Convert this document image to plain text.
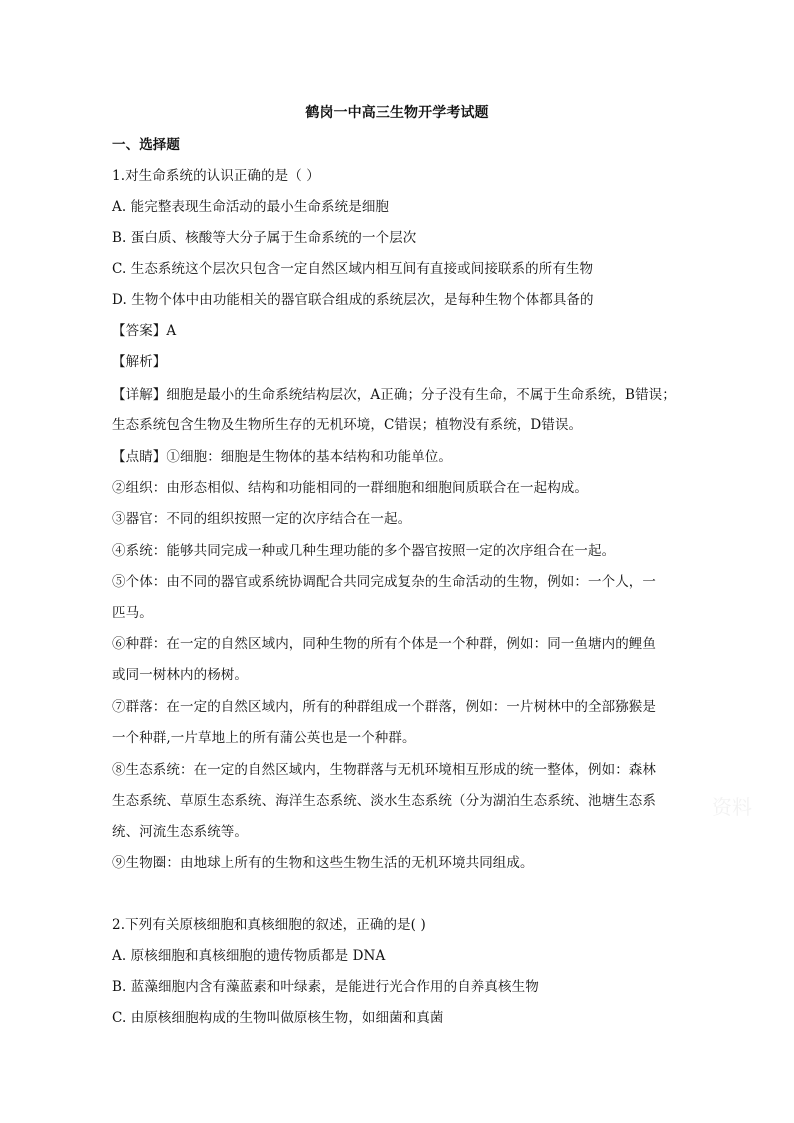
鹤岗一中高三生物开学考试题
一、选择题
1.对生命系统的认识正确的是（ ）
A. 能完整表现生命活动的最小生命系统是细胞
B. 蛋白质、核酸等大分子属于生命系统的一个层次
C. 生态系统这个层次只包含一定自然区域内相互间有直接或间接联系的所有生物
D. 生物个体中由功能相关的器官联合组成的系统层次，是每种生物个体都具备的
【答案】A
【解析】
【详解】细胞是最小的生命系统结构层次，A正确；分子没有生命，不属于生命系统，B错误；
生态系统包含生物及生物所生存的无机环境，C错误；植物没有系统，D错误。
【点睛】①细胞：细胞是生物体的基本结构和功能单位。
②组织：由形态相似、结构和功能相同的一群细胞和细胞间质联合在一起构成。
③器官：不同的组织按照一定的次序结合在一起。
④系统：能够共同完成一种或几种生理功能的多个器官按照一定的次序组合在一起。
⑤个体：由不同的器官或系统协调配合共同完成复杂的生命活动的生物，例如：一个人，一
匹马。
⑥种群：在一定的自然区域内，同种生物的所有个体是一个种群，例如：同一鱼塘内的鲤鱼
或同一树林内的杨树。
⑦群落：在一定的自然区域内，所有的种群组成一个群落，例如：一片树林中的全部猕猴是
一个种群,一片草地上的所有蒲公英也是一个种群。
⑧生态系统：在一定的自然区域内，生物群落与无机环境相互形成的统一整体，例如：森林
生态系统、草原生态系统、海洋生态系统、淡水生态系统（分为湖泊生态系统、池塘生态系
统、河流生态系统等。
⑨生物圈：由地球上所有的生物和这些生物生活的无机环境共同组成。
2.下列有关原核细胞和真核细胞的叙述，正确的是( )
A. 原核细胞和真核细胞的遗传物质都是 DNA
B. 蓝藻细胞内含有藻蓝素和叶绿素，是能进行光合作用的自养真核生物
C. 由原核细胞构成的生物叫做原核生物，如细菌和真菌
资料
